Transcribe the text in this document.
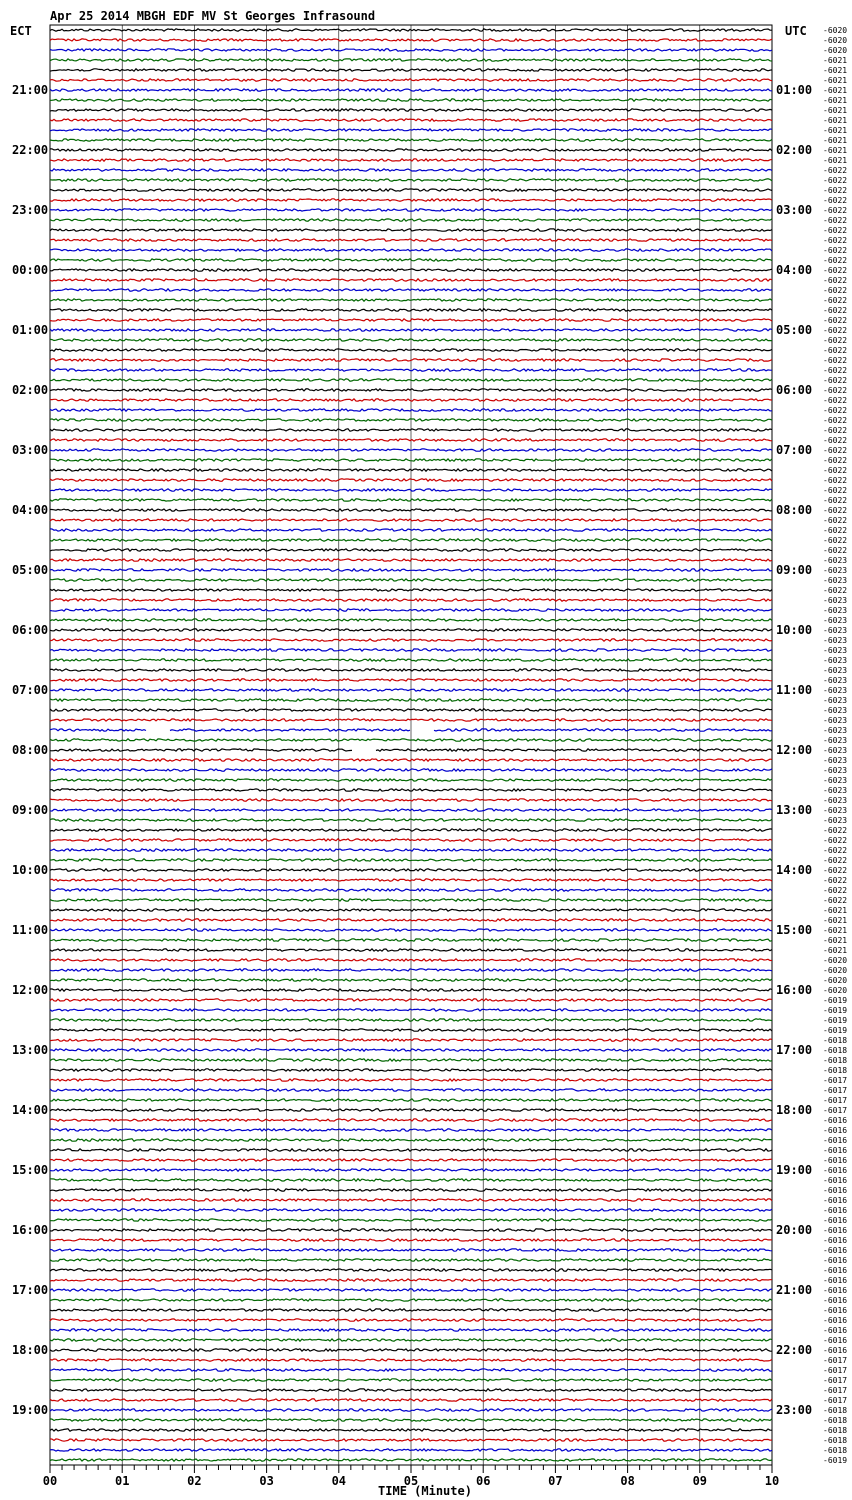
Apr 25 2014 MBGH EDF MV St Georges Infrasound
ECT	UTC
21:00
22:00
23:00
00:00
01:00
02:00
03:00
04:00
05:00
06:00
07:00
08:00
09:00
10:00
11:00
12:00
13:00
14:00
15:00
16:00
17:00
18:00
19:00
01:00
02:00
03:00
04:00
05:00
06:00
07:00
08:00
09:00
10:00
11:00
12:00
13:00
14:00
15:00
16:00
17:00
18:00
19:00
20:00
21:00
22:00
23:00
-6020
-6020
-6020
-6021
-6021
-6021
-6021
-6021
-6021
-6021
-6021
-6021
-6021
-6021
-6022
-6022
-6022
-6022
-6022
-6022
-6022
-6022
-6022
-6022
-6022
-6022
-6022
-6022
-6022
-6022
-6022
-6022
-6022
-6022
-6022
-6022
-6022
-6022
-6022
-6022
-6022
-6022
-6022
-6022
-6022
-6022
-6022
-6022
-6022
-6022
-6022
-6022
-6022
-6023
-6023
-6023
-6022
-6023
-6023
-6023
-6023
-6023
-6023
-6023
-6023
-6023
-6023
-6023
-6023
-6023
-6023
-6023
-6023
-6023
-6023
-6023
-6023
-6023
-6023
-6023
-6022
-6022
-6022
-6022
-6022
-6022
-6022
-6022
-6021
-6021
-6021
-6021
-6021
-6020
-6020
-6020
-6020
-6019
-6019
-6019
-6019
-6018
-6018
-6018
-6018
-6017
-6017
-6017
-6017
-6016
-6016
-6016
-6016
-6016
-6016
-6016
-6016
-6016
-6016
-6016
-6016
-6016
-6016
-6016
-6016
-6016
-6016
-6016
-6016
-6016
-6016
-6016
-6016
-6017
-6017
-6017
-6017
-6017
-6018
-6018
-6018
-6018
-6018
-6019
00	01	02	03	04	05	06	07	08	09	10
TIME (Minute)
